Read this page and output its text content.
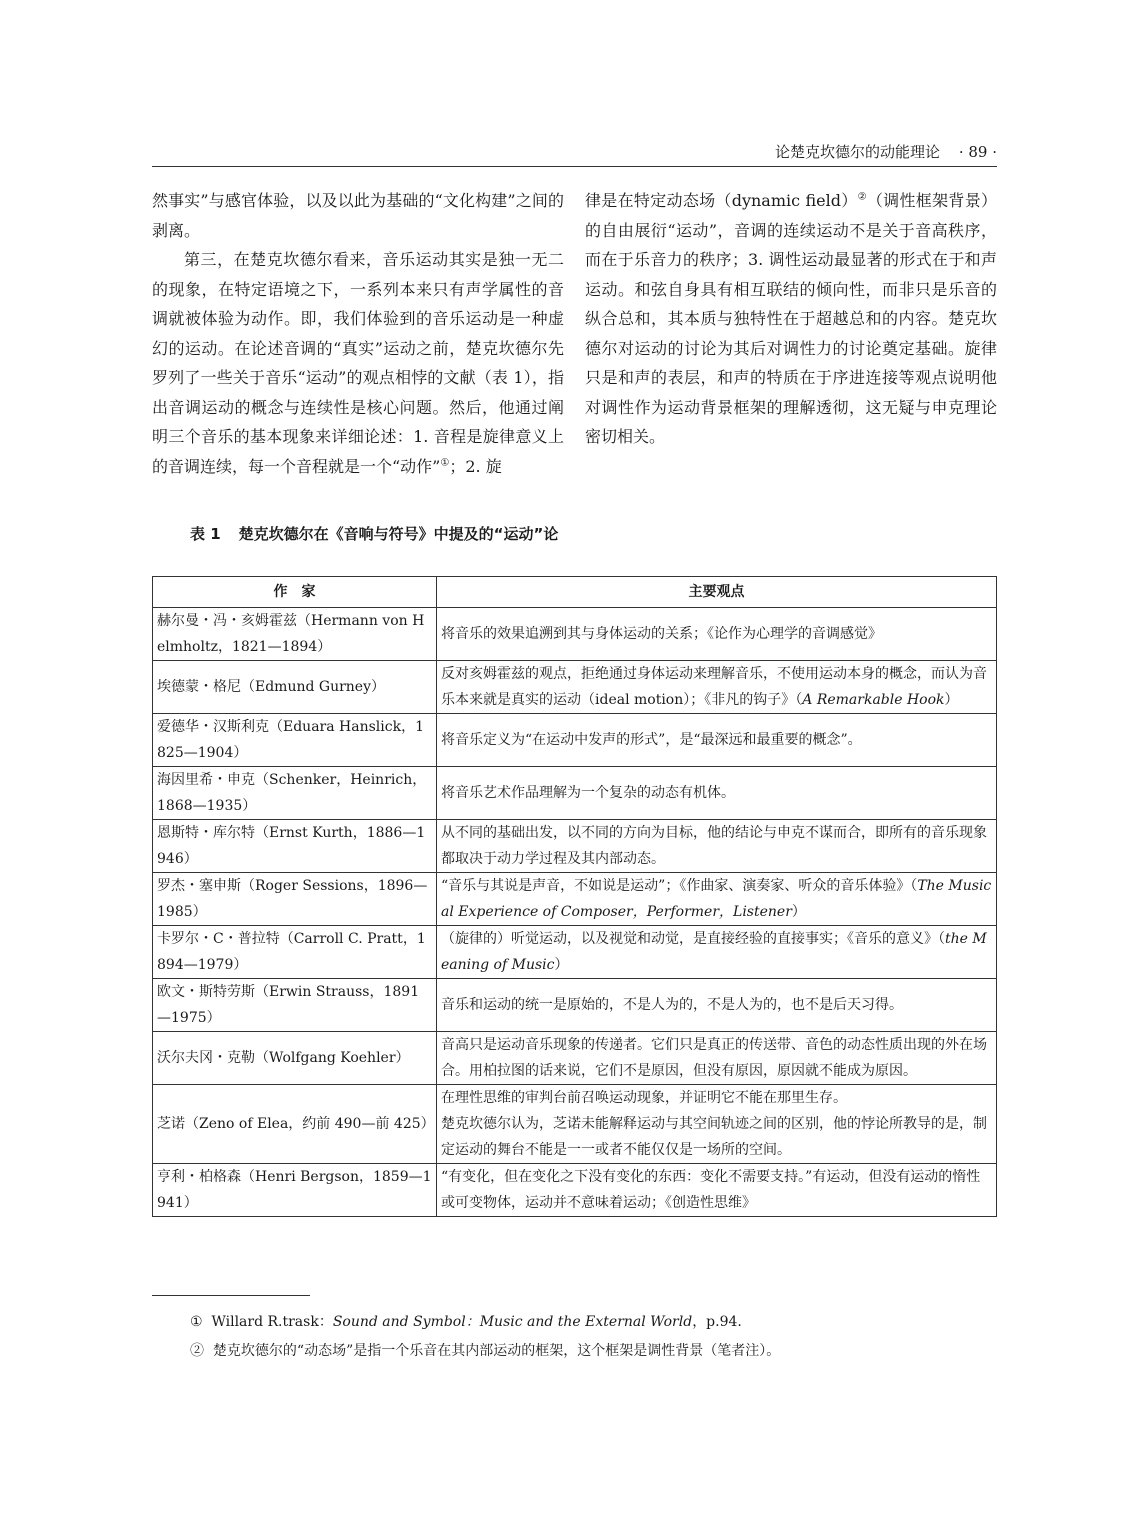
论楚克坎德尔的动能理论 · 89 ·

然事实”与感官体验，以及以此为基础的“文化构建”之间的剥离。

第三，在楚克坎德尔看来，音乐运动其实是独一无二的现象，在特定语境之下，一系列本来只有声学属性的音调就被体验为动作。即，我们体验到的音乐运动是一种虚幻的运动。在论述音调的“真实”运动之前，楚克坎德尔先罗列了一些关于音乐“运动”的观点相悖的文献（表 1），指出音调运动的概念与连续性是核心问题。然后，他通过阐明三个音乐的基本现象来详细论述：1. 音程是旋律意义上的音调连续，每一个音程就是一个“动作”①；2. 旋

律是在特定动态场（dynamic field）②（调性框架背景）的自由展衍“运动”，音调的连续运动不是关于音高秩序，而在于乐音力的秩序；3. 调性运动最显著的形式在于和声运动。和弦自身具有相互联结的倾向性，而非只是乐音的纵合总和，其本质与独特性在于超越总和的内容。楚克坎德尔对运动的讨论为其后对调性力的讨论奠定基础。旋律只是和声的表层，和声的特质在于序进连接等观点说明他对调性作为运动背景框架的理解透彻，这无疑与申克理论密切相关。

表 1 楚克坎德尔在《音响与符号》中提及的“运动”论
作　家	主要观点
赫尔曼・冯・亥姆霍兹（Hermann von Helmholtz，1821—1894）	将音乐的效果追溯到其与身体运动的关系；《论作为心理学的音调感觉》
埃德蒙・格尼（Edmund Gurney）	反对亥姆霍兹的观点，拒绝通过身体运动来理解音乐，不使用运动本身的概念，而认为音乐本来就是真实的运动（ideal motion）；《非凡的钩子》（A Remarkable Hook）
爱德华・汉斯利克（Eduara Hanslick，1825—1904）	将音乐定义为“在运动中发声的形式”，是“最深远和最重要的概念”。
海因里希・申克（Schenker，Heinrich，1868—1935）	将音乐艺术作品理解为一个复杂的动态有机体。
恩斯特・库尔特（Ernst Kurth，1886—1946）	从不同的基础出发，以不同的方向为目标，他的结论与申克不谋而合，即所有的音乐现象都取决于动力学过程及其内部动态。
罗杰・塞申斯（Roger Sessions，1896—1985）	“音乐与其说是声音，不如说是运动”；《作曲家、演奏家、听众的音乐体验》（The Musical Experience of Composer，Performer，Listener）
卡罗尔・C・普拉特（Carroll C. Pratt，1894—1979）	（旋律的）听觉运动，以及视觉和动觉，是直接经验的直接事实；《音乐的意义》（the Meaning of Music）
欧文・斯特劳斯（Erwin Strauss，1891—1975）	音乐和运动的统一是原始的，不是人为的，不是人为的，也不是后天习得。
沃尔夫冈・克勒（Wolfgang Koehler）	音高只是运动音乐现象的传递者。它们只是真正的传送带、音色的动态性质出现的外在场合。用柏拉图的话来说，它们不是原因，但没有原因，原因就不能成为原因。
芝诺（Zeno of Elea，约前 490—前 425）	在理性思维的审判台前召唤运动现象，并证明它不能在那里生存。
楚克坎德尔认为，芝诺未能解释运动与其空间轨迹之间的区别，他的悖论所教导的是，制定运动的舞台不能是一一或者不能仅仅是一场所的空间。

亨利・柏格森（Henri Bergson，1859—1941）	“有变化，但在变化之下没有变化的东西：变化不需要支持。”有运动，但没有运动的惰性或可变物体，运动并不意味着运动；《创造性思维》
① Willard R.trask：Sound and Symbol：Music and the External World，p.94.
② 楚克坎德尔的“动态场”是指一个乐音在其内部运动的框架，这个框架是调性背景（笔者注）。
